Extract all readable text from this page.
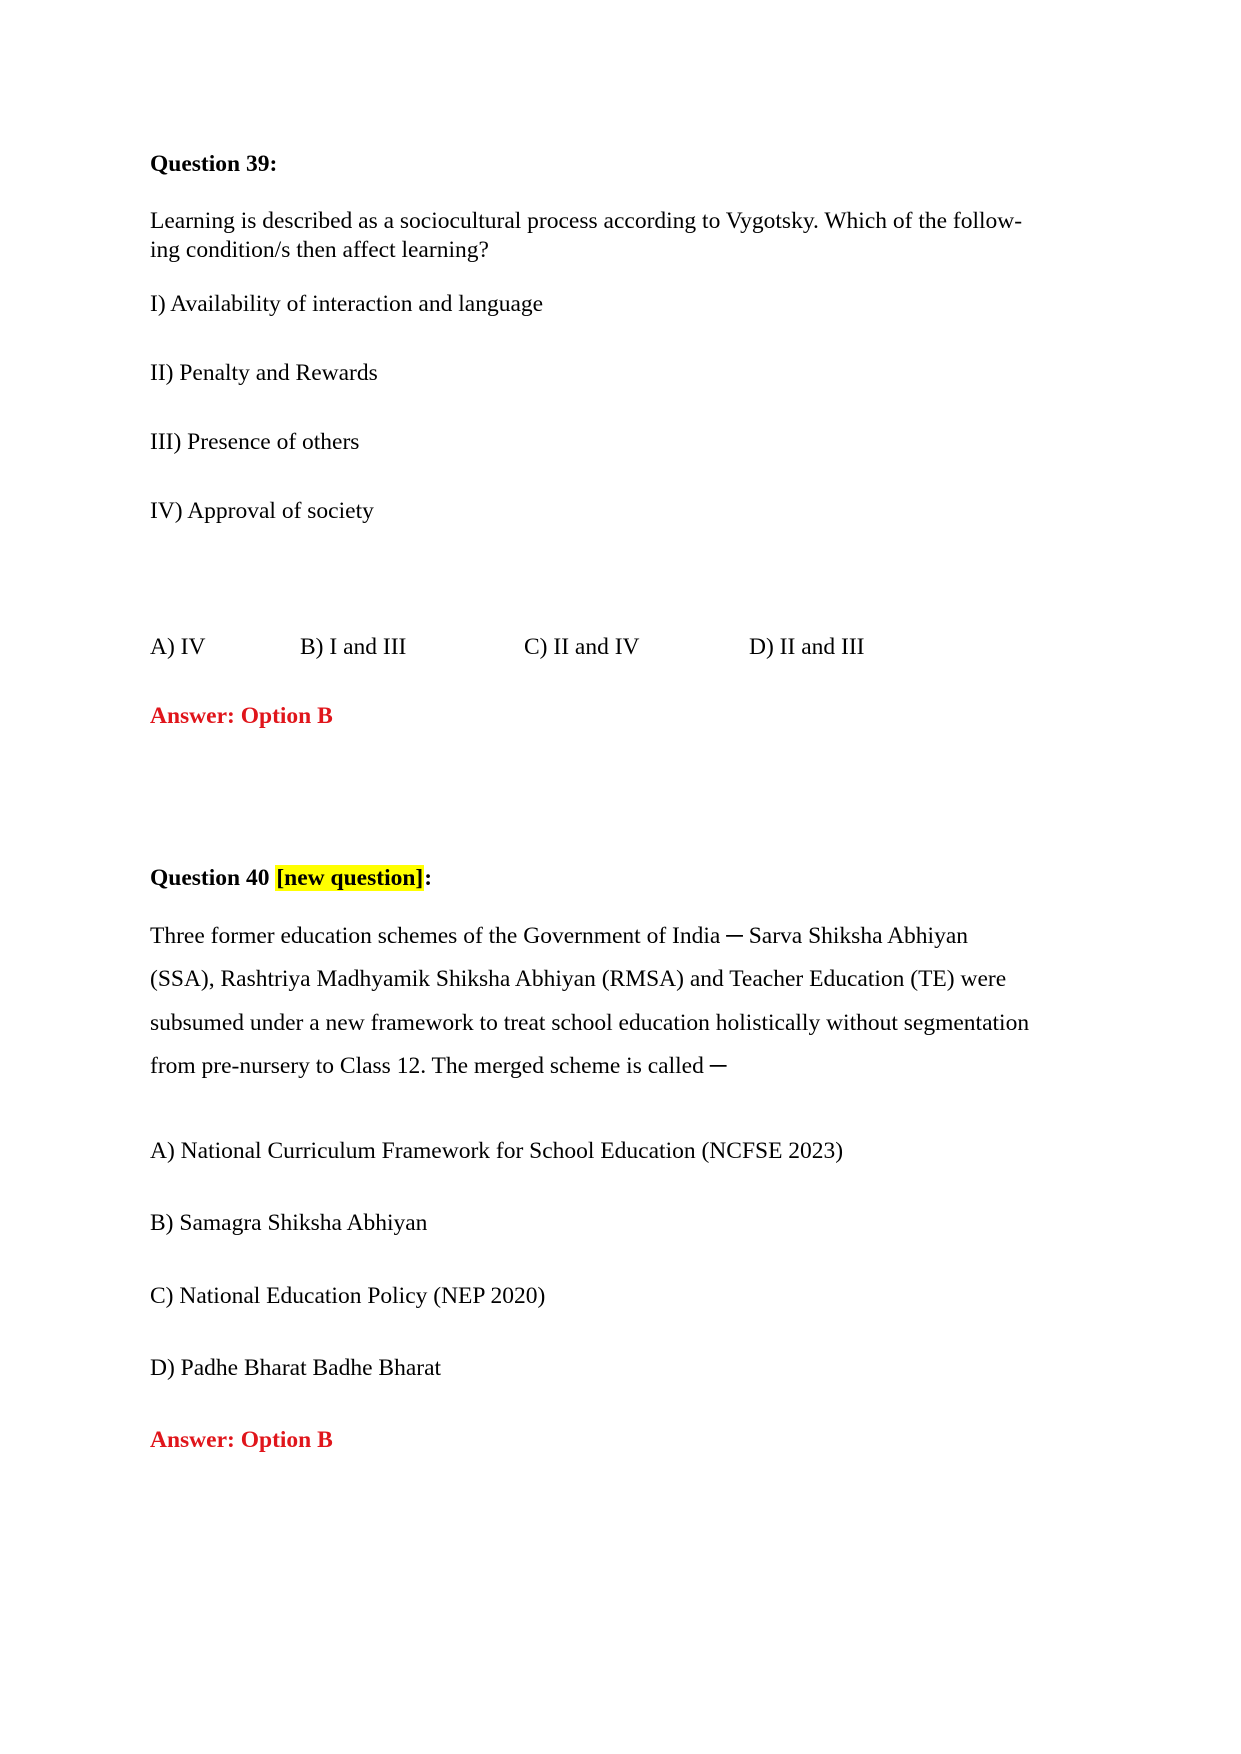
Question 39:
Learning is described as a sociocultural process according to Vygotsky. Which of the follow-
ing condition/s then affect learning?
I) Availability of interaction and language
II) Penalty and Rewards
III) Presence of others
IV) Approval of society
A) IV	B) I and III	C) II and IV	D) II and III
Answer: Option B
Question 40 [new question]:
Three former education schemes of the Government of India ─ Sarva Shiksha Abhiyan
(SSA), Rashtriya Madhyamik Shiksha Abhiyan (RMSA) and Teacher Education (TE) were
subsumed under a new framework to treat school education holistically without segmentation
from pre-nursery to Class 12. The merged scheme is called ─
A) National Curriculum Framework for School Education (NCFSE 2023)
B) Samagra Shiksha Abhiyan
C) National Education Policy (NEP 2020)
D) Padhe Bharat Badhe Bharat
Answer: Option B
